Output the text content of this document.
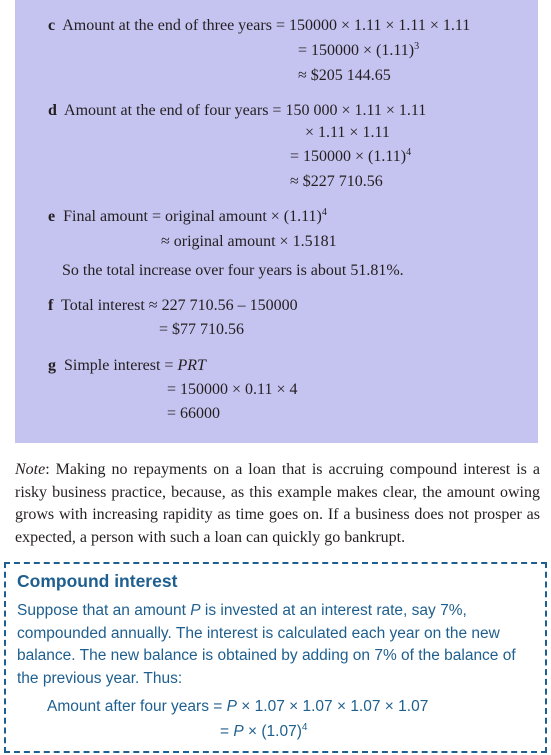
c Amount at the end of three years = 150000 × 1.11 × 1.11 × 1.11
= $150000 \times (1.11)^3$
≈ $205 144.65
d Amount at the end of four years = 150 000 × 1.11 × 1.11
× 1.11 × 1.11
= $150000 \times (1.11)^4$
≈ $227 710.56
e Final amount = original amount × $(1.11)^4$
≈ original amount × 1.5181
So the total increase over four years is about 51.81%.
f Total interest ≈ 227 710.56 – 150000
= $77 710.56
g Simple interest = PRT
= 150000 × 0.11 × 4
= 66000

Note: Making no repayments on a loan that is accruing compound interest is a risky business practice, because, as this example makes clear, the amount owing grows with increasing rapidity as time goes on. If a business does not prosper as expected, a person with such a loan can quickly go bankrupt.

Compound interest

Suppose that an amount P is invested at an interest rate, say 7%, compounded annually. The interest is calculated each year on the new balance. The new balance is obtained by adding on 7% of the balance of the previous year. Thus:

Amount after four years = P × 1.07 × 1.07 × 1.07 × 1.07
= $P \times (1.07)^4$
